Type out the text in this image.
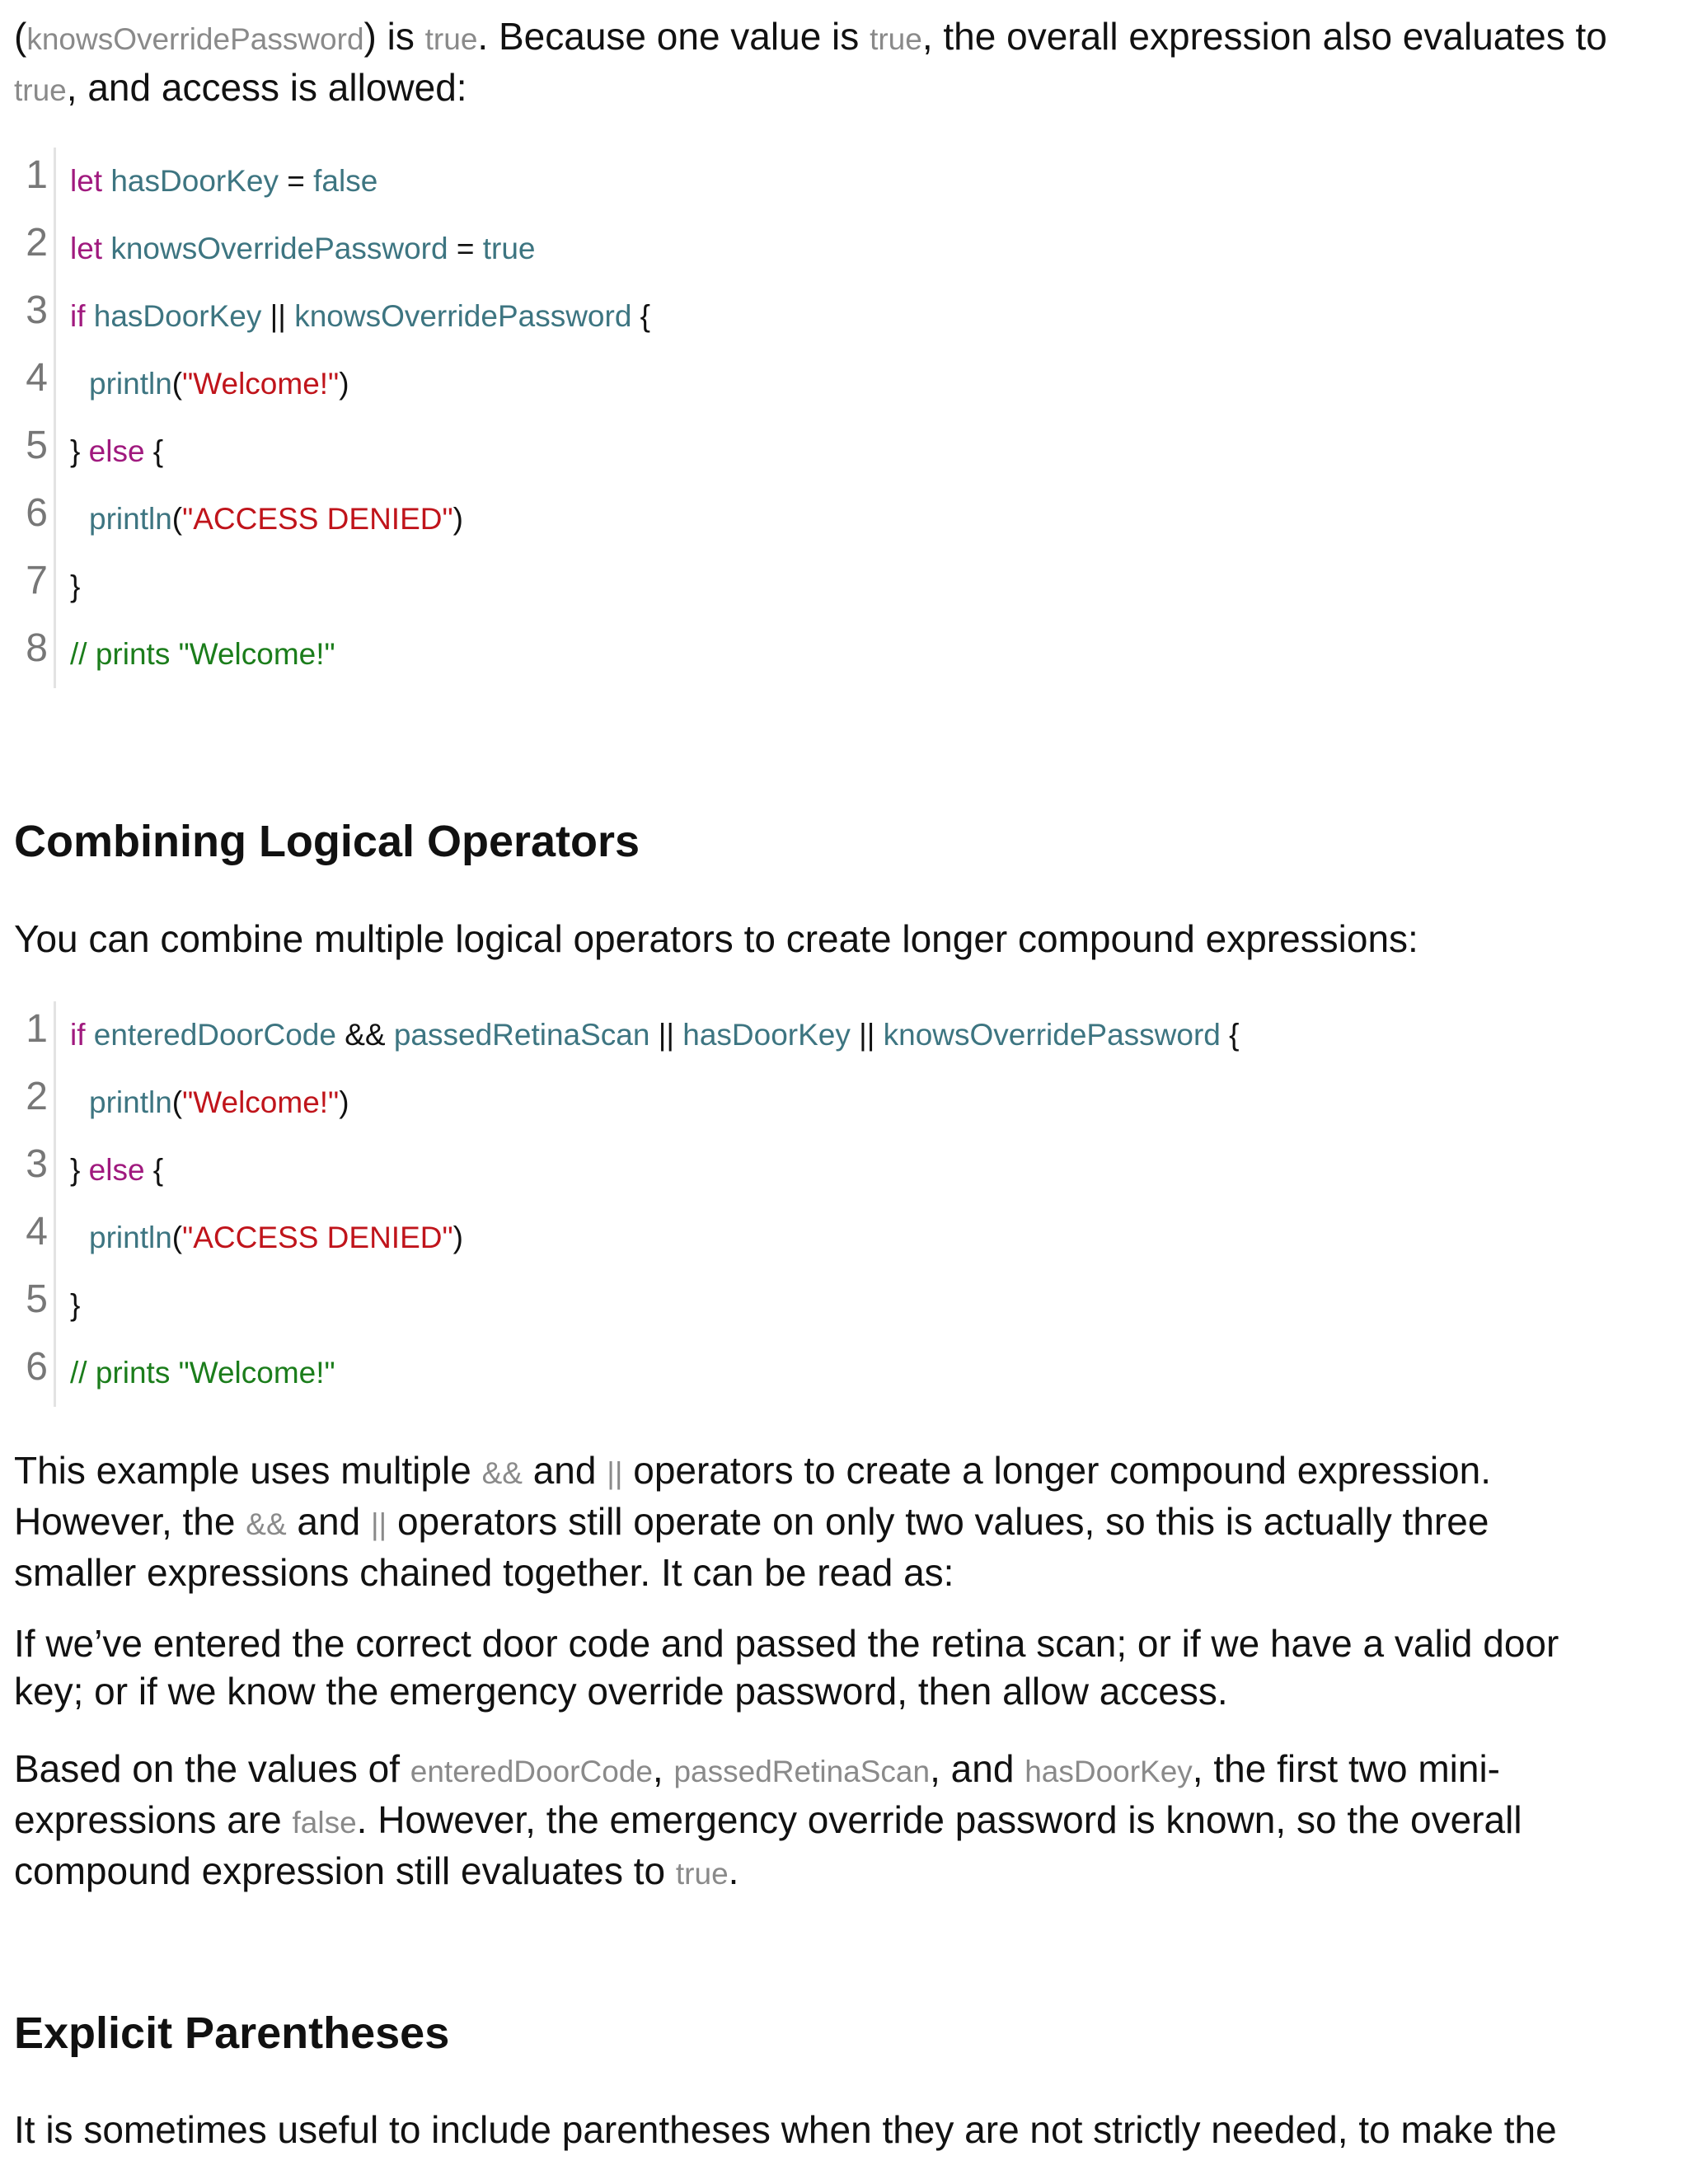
(knowsOverridePassword) is true. Because one value is true, the overall expression also evaluates to
true, and access is allowed:

1 let hasDoorKey = false
2 let knowsOverridePassword = true
3 if hasDoorKey || knowsOverridePassword {
4	println("Welcome!")
5 } else {
6	println("ACCESS DENIED")
7 }
8 // prints "Welcome!"
Combining Logical Operators

You can combine multiple logical operators to create longer compound expressions:

1 if enteredDoorCode && passedRetinaScan || hasDoorKey || knowsOverridePassword {
2	println("Welcome!")
3 } else {
4	println("ACCESS DENIED")
5 }
6 // prints "Welcome!"

This example uses multiple && and || operators to create a longer compound expression.
However, the && and || operators still operate on only two values, so this is actually three
smaller expressions chained together. It can be read as:

If we’ve entered the correct door code and passed the retina scan; or if we have a valid door
key; or if we know the emergency override password, then allow access.

Based on the values of enteredDoorCode, passedRetinaScan, and hasDoorKey, the first two mini-
expressions are false. However, the emergency override password is known, so the overall
compound expression still evaluates to true.

Explicit Parentheses

It is sometimes useful to include parentheses when they are not strictly needed, to make the
